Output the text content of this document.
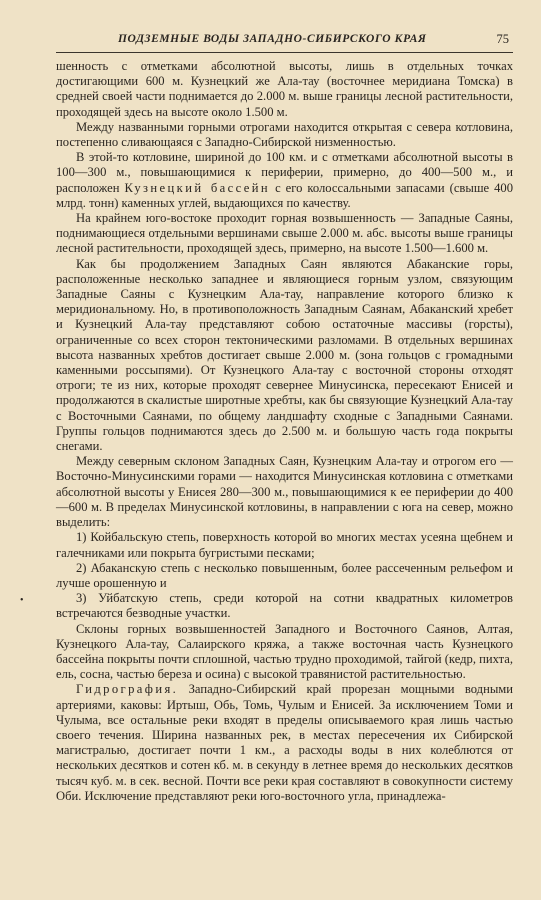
ПОДЗЕМНЫЕ ВОДЫ ЗАПАДНО-СИБИРСКОГО КРАЯ	75

шенность с отметками абсолютной высоты, лишь в отдельных точках достигающими 600 м. Кузнецкий же Ала-тау (восточнее меридиана Томска) в средней своей части поднимается до 2.000 м. выше границы лесной растительности, проходящей здесь на высоте около 1.500 м.

Между названными горными отрогами находится открытая с севера котловина, постепенно сливающаяся с Западно-Сибирской низменностью.

В этой-то котловине, шириной до 100 км. и с отметками абсолютной высоты в 100—300 м., повышающимися к периферии, примерно, до 400—500 м., и расположен Кузнецкий бассейн с его колоссальными запасами (свыше 400 млрд. тонн) каменных углей, выдающихся по качеству.

На крайнем юго-востоке проходит горная возвышенность — Западные Саяны, поднимающиеся отдельными вершинами свыше 2.000 м. абс. высоты выше границы лесной растительности, проходящей здесь, примерно, на высоте 1.500—1.600 м.

Как бы продолжением Западных Саян являются Абаканские горы, расположенные несколько западнее и являющиеся горным узлом, связующим Западные Саяны с Кузнецким Ала-тау, направление которого близко к меридиональному. Но, в противоположность Западным Саянам, Абаканский хребет и Кузнецкий Ала-тау представляют собою остаточные массивы (горсты), ограниченные со всех сторон тектоническими разломами. В отдельных вершинах высота названных хребтов достигает свыше 2.000 м. (зона гольцов с громадными каменными россыпями). От Кузнецкого Ала-тау с восточной стороны отходят отроги; те из них, которые проходят севернее Минусинска, пересекают Енисей и продолжаются в скалистые широтные хребты, как бы связующие Кузнецкий Ала-тау с Восточными Саянами, по общему ландшафту сходные с Западными Саянами. Группы гольцов поднимаются здесь до 2.500 м. и большую часть года покрыты снегами.

Между северным склоном Западных Саян, Кузнецким Ала-тау и отрогом его — Восточно-Минусинскими горами — находится Минусинская котловина с отметками абсолютной высоты у Енисея 280—300 м., повышающимися к ее периферии до 400—600 м. В пределах Минусинской котловины, в направлении с юга на север, можно выделить:

1) Койбальскую степь, поверхность которой во многих местах усеяна щебнем и галечниками или покрыта бугристыми песками;

2) Абаканскую степь с несколько повышенным, более рассеченным рельефом и лучше орошенную и

•	3) Уйбатскую степь, среди которой на сотни квадратных километров встречаются безводные участки.

Склоны горных возвышенностей Западного и Восточного Саянов, Алтая, Кузнецкого Ала-тау, Салаирского кряжа, а также восточная часть Кузнецкого бассейна покрыты почти сплошной, частью трудно проходимой, тайгой (кедр, пихта, ель, сосна, частью береза и осина) с высокой травянистой растительностью.

Гидрография. Западно-Сибирский край прорезан мощными водными артериями, каковы: Иртыш, Обь, Томь, Чулым и Енисей. За исключением Томи и Чулыма, все остальные реки входят в пределы описываемого края лишь частью своего течения. Ширина названных рек, в местах пересечения их Сибирской магистралью, достигает почти 1 км., а расходы воды в них колеблются от нескольких десятков и сотен кб. м. в секунду в летнее время до нескольких десятков тысяч куб. м. в сек. весной. Почти все реки края составляют в совокупности систему Оби. Исключение представляют реки юго-восточного угла, принадлежа-
